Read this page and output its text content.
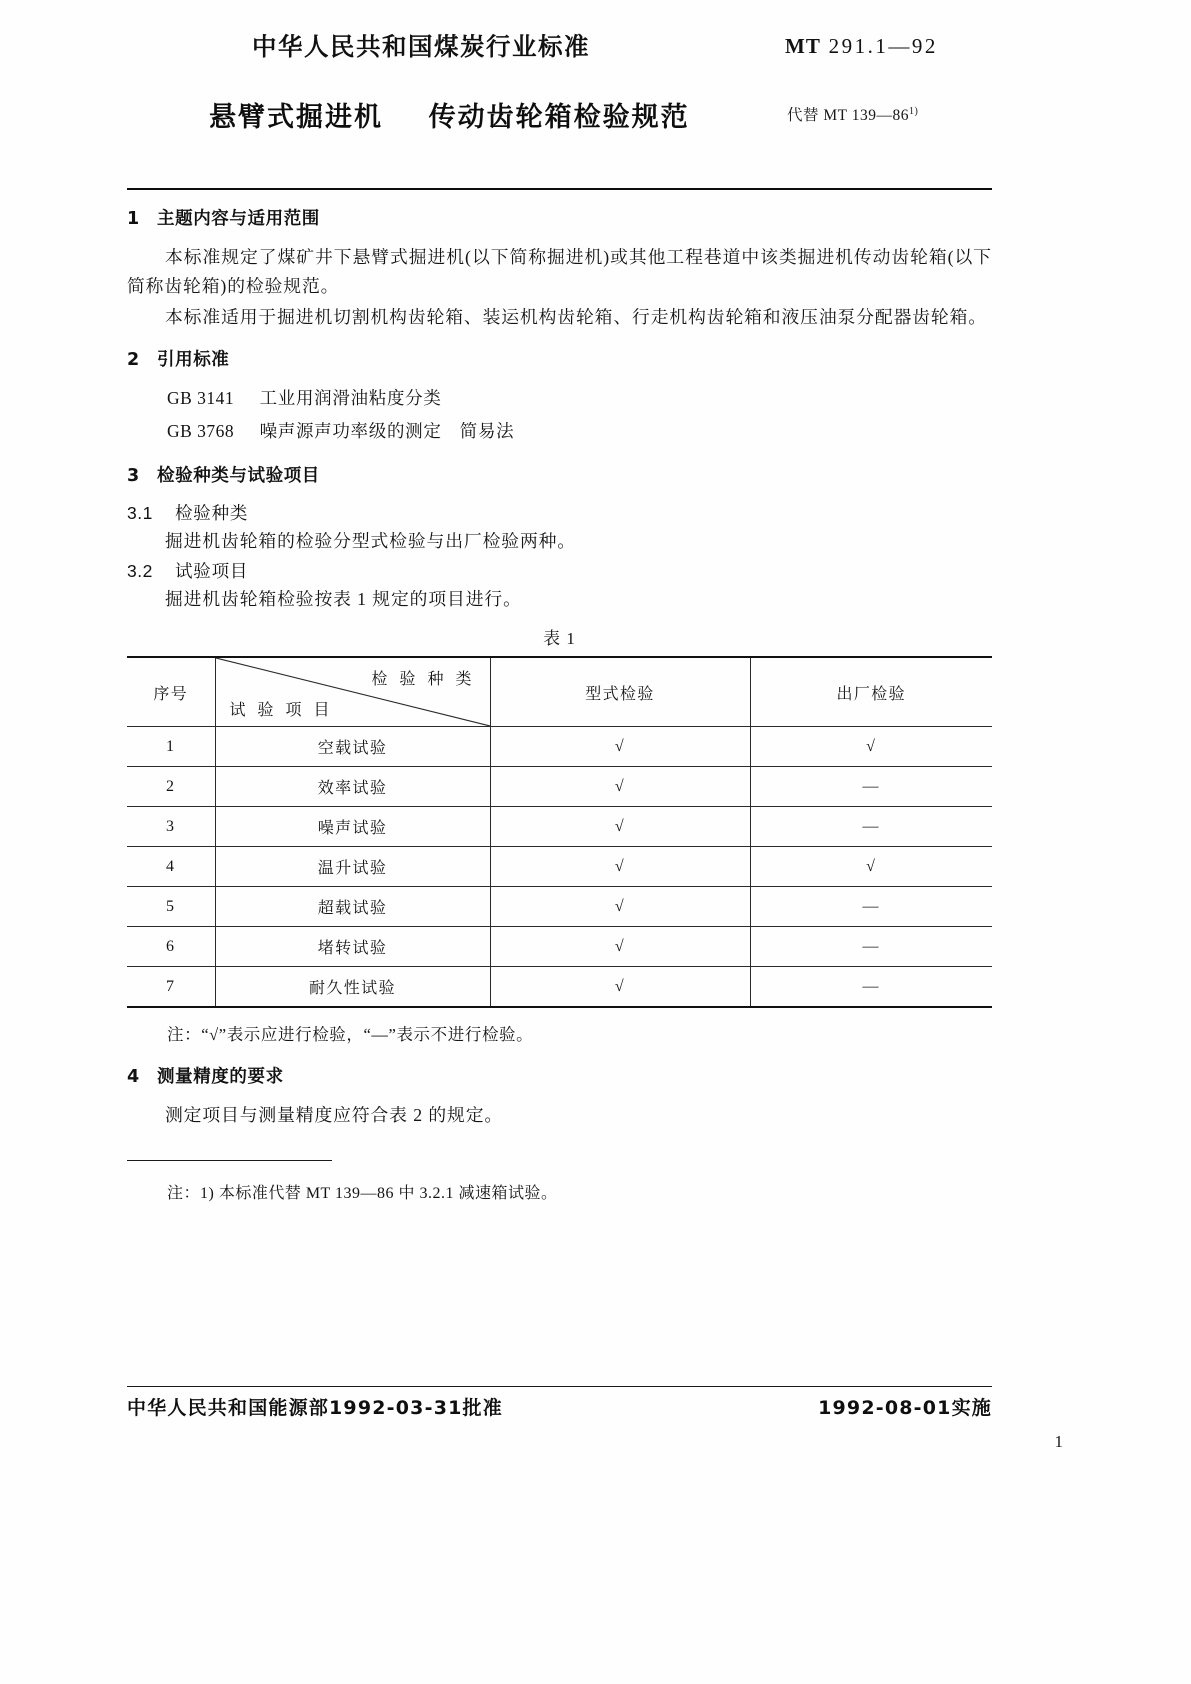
中华人民共和国煤炭行业标准	MT 291.1—92
悬臂式掘进机    传动齿轮箱检验规范	代替 MT 139—86$^{1)}$
1	主题内容与适用范围

本标准规定了煤矿井下悬臂式掘进机(以下简称掘进机)或其他工程巷道中该类掘进机传动齿轮箱(以下简称齿轮箱)的检验规范。

本标准适用于掘进机切割机构齿轮箱、装运机构齿轮箱、行走机构齿轮箱和液压油泵分配器齿轮箱。

2	引用标准

GB 3141 工业用润滑油粘度分类

GB 3768 噪声源声功率级的测定　简易法

3	检验种类与试验项目
3.1	检验种类

掘进机齿轮箱的检验分型式检验与出厂检验两种。

3.2	试验项目

掘进机齿轮箱检验按表 1 规定的项目进行。

表 1
序号	检 验 种 类
试 验 项 目	型式检验	出厂检验
1	空载试验	√	√
2	效率试验	√	—
3	噪声试验	√	—
4	温升试验	√	√
5	超载试验	√	—
6	堵转试验	√	—
7	耐久性试验	√	—

注：“√”表示应进行检验，“—”表示不进行检验。

4	测量精度的要求

测定项目与测量精度应符合表 2 的规定。

注：1) 本标准代替 MT 139—86 中 3.2.1 减速箱试验。

中华人民共和国能源部1992-03-31批准	1992-08-01实施
1
